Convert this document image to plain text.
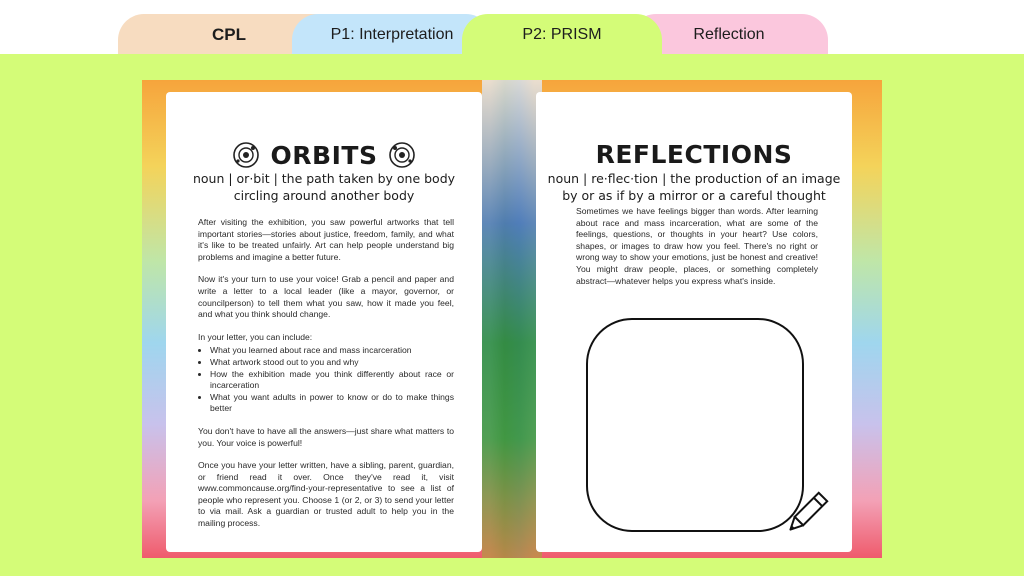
CPL	P1: Interpretation	P2: PRISM	Reflection
ORBITS
noun | or·bit | the path taken by one body circling around another body

After visiting the exhibition, you saw powerful artworks that tell important stories—stories about justice, freedom, family, and what it's like to be treated unfairly. Art can help people understand big problems and imagine a better future.

Now it's your turn to use your voice! Grab a pencil and paper and write a letter to a local leader (like a mayor, governor, or councilperson) to tell them what you saw, how it made you feel, and what you think should change.

In your letter, you can include:

• What you learned about race and mass incarceration
• What artwork stood out to you and why
• How the exhibition made you think differently about race or incarceration
• What you want adults in power to know or do to make things better

You don't have to have all the answers—just share what matters to you. Your voice is powerful!

Once you have your letter written, have a sibling, parent, guardian, or friend read it over. Once they've read it, visit www.commoncause.org/find-your-representative to see a list of people who represent you. Choose 1 (or 2, or 3) to send your letter to via mail. Ask a guardian or trusted adult to help you in the mailing process.

REFLECTIONS
noun | re·flec·tion | the production of an image by or as if by a mirror or a careful thought

Sometimes we have feelings bigger than words. After learning about race and mass incarceration, what are some of the feelings, questions, or thoughts in your heart? Use colors, shapes, or images to draw how you feel. There's no right or wrong way to show your emotions, just be honest and creative! You might draw people, places, or something completely abstract—whatever helps you express what's inside.
